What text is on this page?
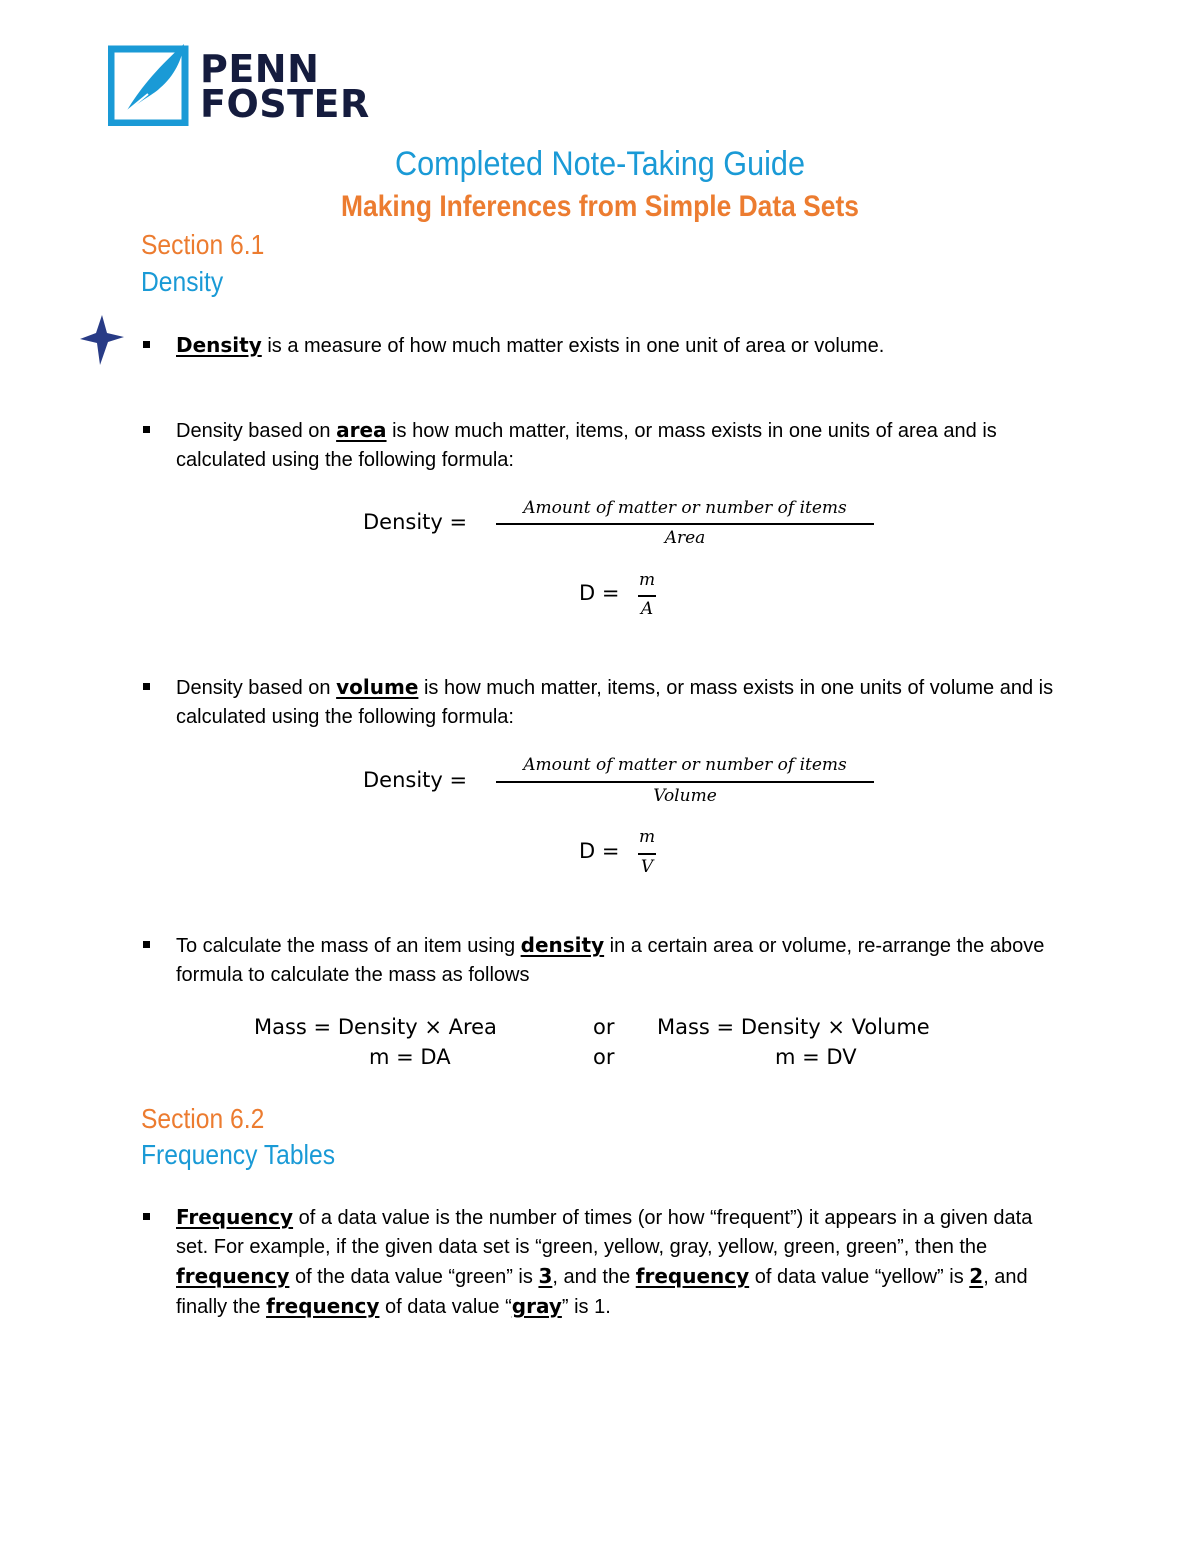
PENN
FOSTER
Completed Note-Taking Guide
Making Inferences from Simple Data Sets
Section 6.1
Density
Density is a measure of how much matter exists in one unit of area or volume.
Density based on area is how much matter, items, or mass exists in one units of area and is calculated using the following formula:
Density =
Amount of matter or number of items
Area
D =
m
A
Density based on volume is how much matter, items, or mass exists in one units of volume and is calculated using the following formula:
Density =
Amount of matter or number of items
Volume
D =
m
V
To calculate the mass of an item using density in a certain area or volume, re-arrange the above formula to calculate the mass as follows
Mass = Density × Area	or Mass = Density × Volume
m = DA	or	m = DV
Section 6.2
Frequency Tables
Frequency of a data value is the number of times (or how “frequent”) it appears in a given data set. For example, if the given data set is “green, yellow, gray, yellow, green, green”, then the frequency of the data value “green” is 3, and the frequency of data value “yellow” is 2, and finally the frequency of data value “gray” is 1.
